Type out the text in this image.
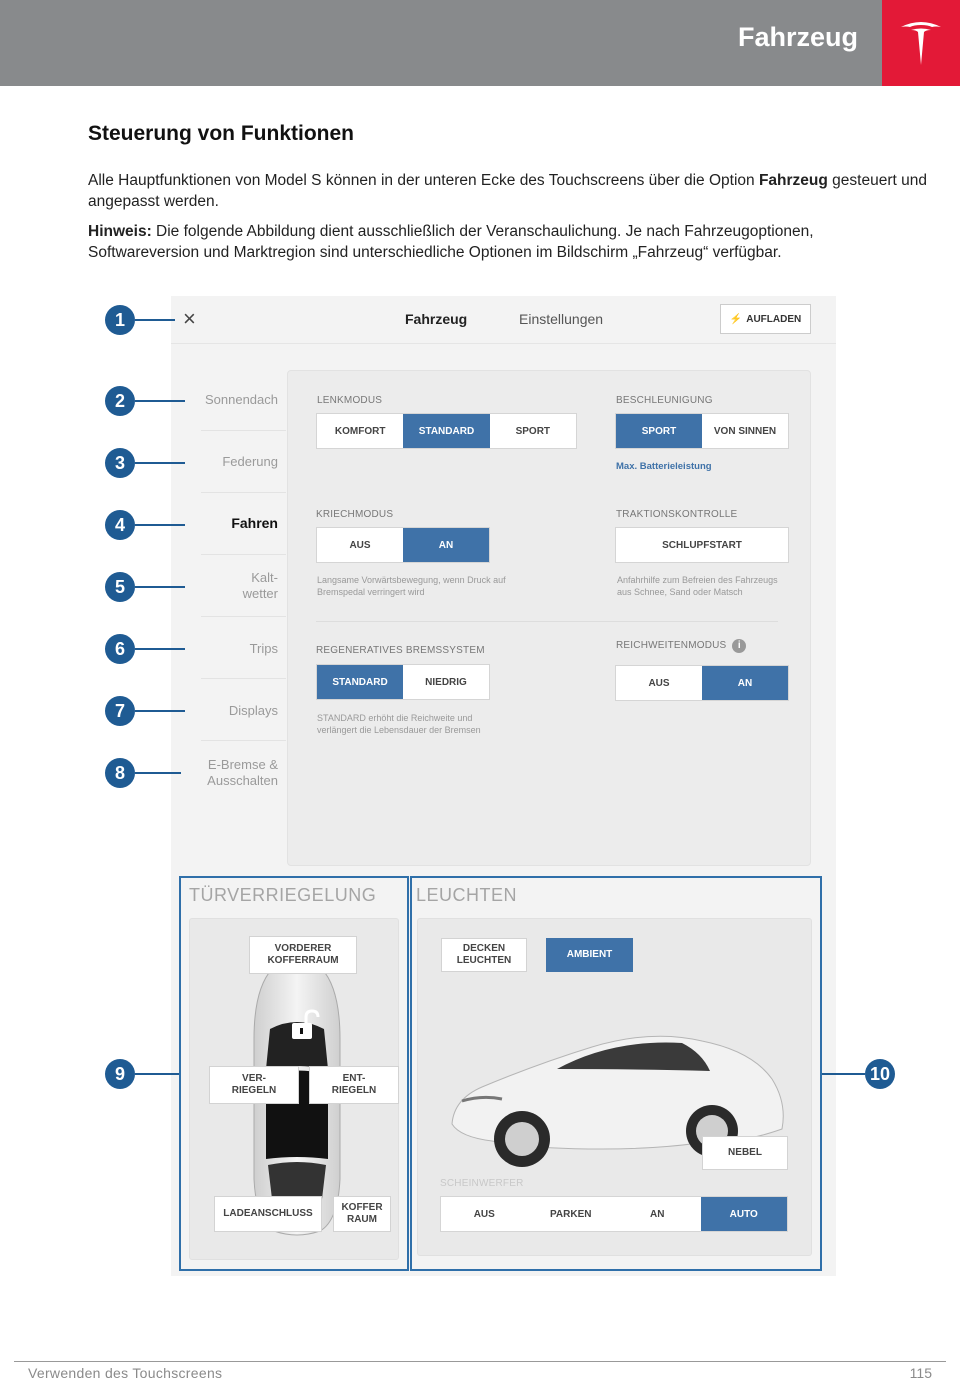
Fahrzeug
Steuerung von Funktionen

Alle Hauptfunktionen von Model S können in der unteren Ecke des Touchscreens über die Option Fahrzeug gesteuert und angepasst werden.

Hinweis: Die folgende Abbildung dient ausschließlich der Veranschaulichung. Je nach Fahrzeugoptionen, Softwareversion und Marktregion sind unterschiedliche Optionen im Bildschirm „Fahrzeug“ verfügbar.

×	Fahrzeug	Einstellungen	⚡ AUFLADEN
Sonnendach
Federung
Fahren
Kalt-
wetter
Trips
Displays
E-Bremse &
Ausschalten
LENKMODUS
KOMFORT	STANDARD	SPORT
BESCHLEUNIGUNG
SPORT	VON SINNEN
Max. Batterieleistung
KRIECHMODUS
AUS	AN
Langsame Vorwärtsbewegung, wenn Druck auf Bremspedal verringert wird
TRAKTIONSKONTROLLE
SCHLUPFSTART
Anfahrhilfe zum Befreien des Fahrzeugs aus Schnee, Sand oder Matsch
REGENERATIVES BREMSSYSTEM
STANDARD	NIEDRIG
STANDARD erhöht die Reichweite und verlängert die Lebensdauer der Bremsen
REICHWEITENMODUS i
AUS	AN
TÜRVERRIEGELUNG
VORDERER
KOFFERRAUM
VER-
RIEGELN
ENT-
RIEGELN
LADEANSCHLUSS
KOFFER
RAUM
LEUCHTEN
DECKEN
LEUCHTEN
AMBIENT
NEBEL
SCHEINWERFER
AUS	PARKEN	AN	AUTO
1
2
3
4
5
6
7
8
9	10
Verwenden des Touchscreens	115
